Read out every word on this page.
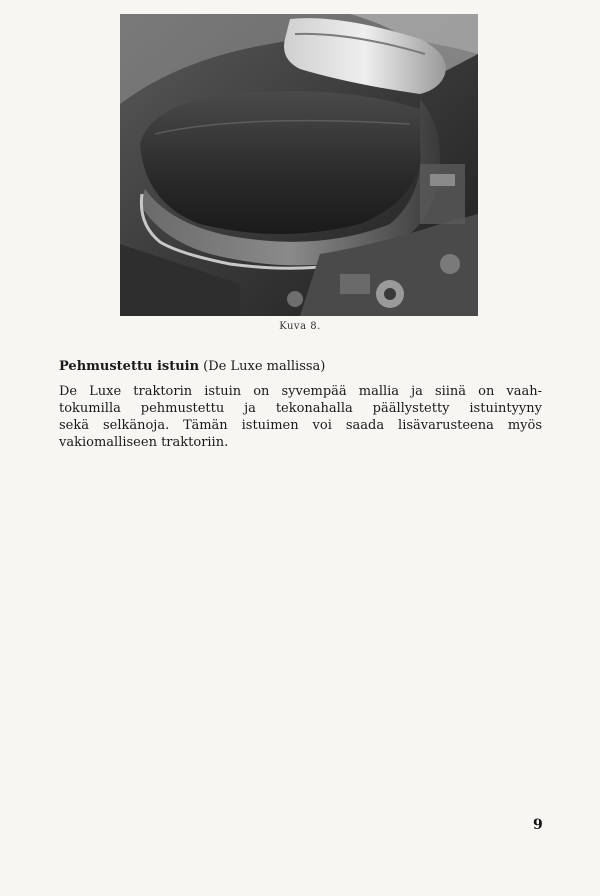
Kuva 8.
Pehmustettu istuin (De Luxe mallissa)
De Luxe traktorin istuin on syvempää mallia ja siinä on vaah-
tokumilla pehmustettu ja tekonahalla päällystetty istuintyyny
sekä selkänoja. Tämän istuimen voi saada lisävarusteena myös
vakiomalliseen traktoriin.
9
